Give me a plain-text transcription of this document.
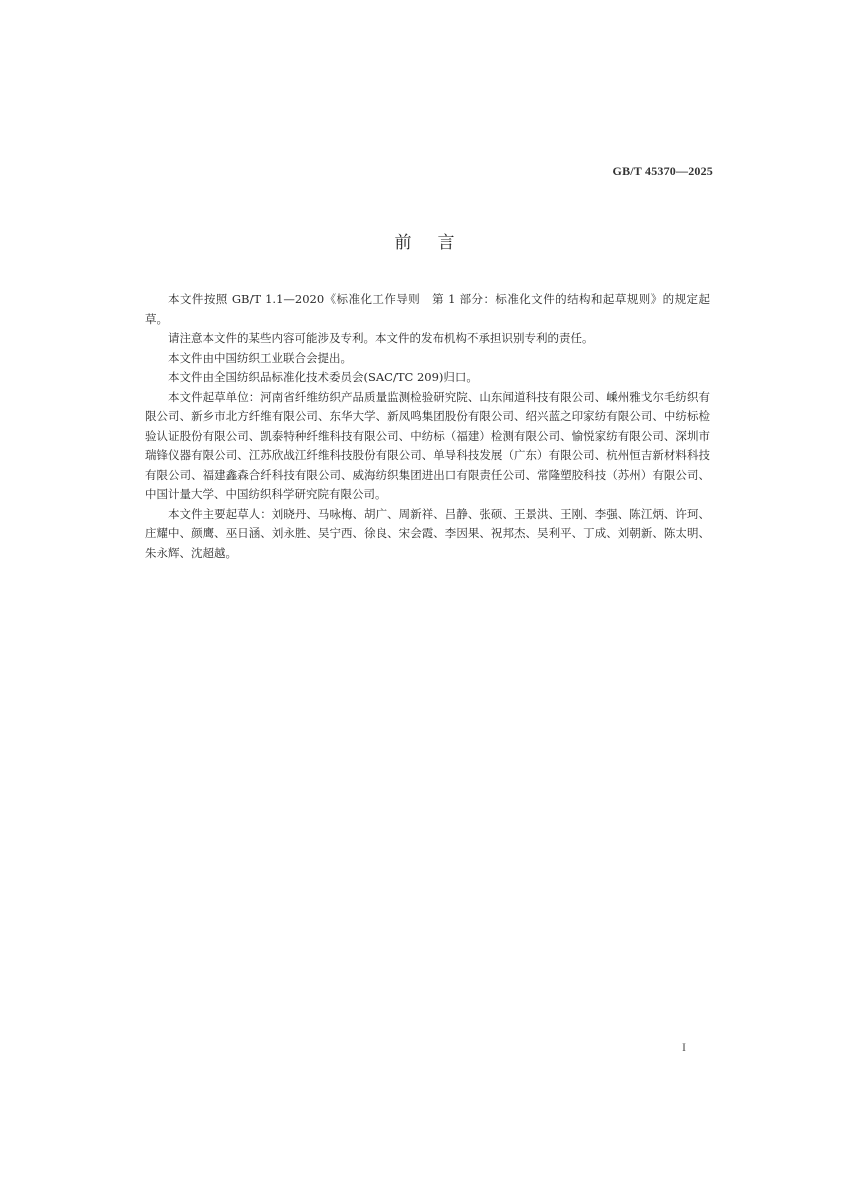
GB/T 45370—2025
前言

本文件按照 GB/T 1.1—2020《标准化工作导则　第 1 部分：标准化文件的结构和起草规则》的规定起草。

请注意本文件的某些内容可能涉及专利。本文件的发布机构不承担识别专利的责任。

本文件由中国纺织工业联合会提出。

本文件由全国纺织品标准化技术委员会(SAC/TC 209)归口。

本文件起草单位：河南省纤维纺织产品质量监测检验研究院、山东闻道科技有限公司、嵊州雅戈尔毛纺织有限公司、新乡市北方纤维有限公司、东华大学、新凤鸣集团股份有限公司、绍兴蓝之印家纺有限公司、中纺标检验认证股份有限公司、凯泰特种纤维科技有限公司、中纺标（福建）检测有限公司、愉悦家纺有限公司、深圳市瑞锋仪器有限公司、江苏欣战江纤维科技股份有限公司、单导科技发展（广东）有限公司、杭州恒吉新材料科技有限公司、福建鑫森合纤科技有限公司、威海纺织集团进出口有限责任公司、常隆塑胶科技（苏州）有限公司、中国计量大学、中国纺织科学研究院有限公司。

本文件主要起草人：刘晓丹、马咏梅、胡广、周新祥、吕静、张硕、王景洪、王刚、李强、陈江炳、许珂、庄耀中、颜鹰、巫日涵、刘永胜、吴宁西、徐良、宋会霞、李因果、祝邦杰、吴利平、丁成、刘朝新、陈太明、朱永辉、沈超越。

I
